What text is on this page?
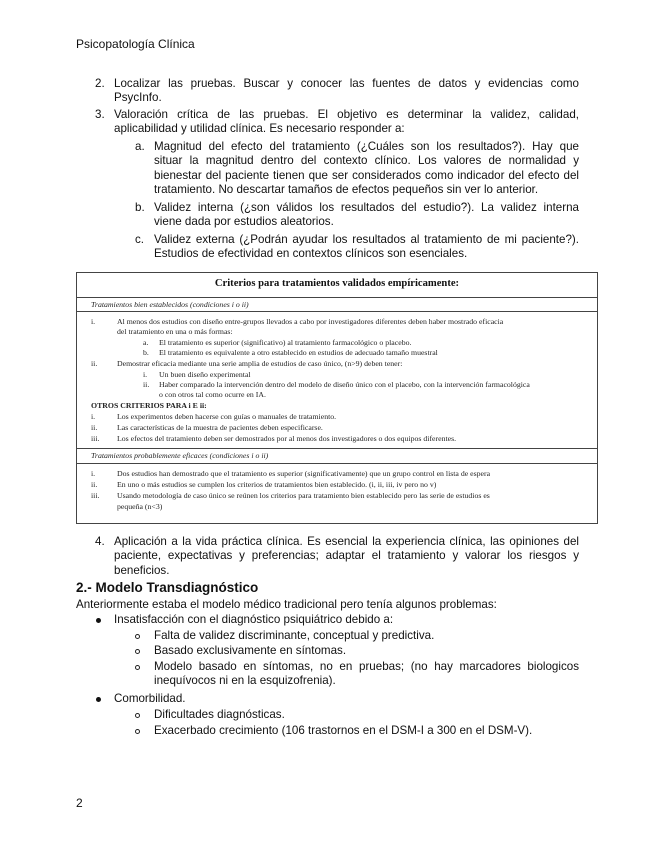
Psicopatología Clínica
2. Localizar las pruebas. Buscar y conocer las fuentes de datos y evidencias como
PsycInfo.
3. Valoración crítica de las pruebas. El objetivo es determinar la validez, calidad,
aplicabilidad y utilidad clínica. Es necesario responder a:
a. Magnitud del efecto del tratamiento (¿Cuáles son los resultados?). Hay que
situar la magnitud dentro del contexto clínico. Los valores de normalidad y
bienestar del paciente tienen que ser considerados como indicador del efecto del
tratamiento. No descartar tamaños de efectos pequeños sin ver lo anterior.
b. Validez interna (¿son válidos los resultados del estudio?). La validez interna
viene dada por estudios aleatorios.
c. Validez externa (¿Podrán ayudar los resultados al tratamiento de mi paciente?).
Estudios de efectividad en contextos clínicos son esenciales.
Criterios para tratamientos validados empíricamente:
Tratamientos bien establecidos (condiciones i o ii)
i.	Al menos dos estudios con diseño entre-grupos llevados a cabo por investigadores diferentes deben haber mostrado eficacia
del tratamiento en una o más formas:
a. El tratamiento es superior (significativo) al tratamiento farmacológico o placebo.
b. El tratamiento es equivalente a otro establecido en estudios de adecuado tamaño muestral
ii.	Demostrar eficacia mediante una serie amplia de estudios de caso único, (n>9) deben tener:
i. Un buen diseño experimental
ii. Haber comparado la intervención dentro del modelo de diseño único con el placebo, con la intervención farmacológica
o con otros tal como ocurre en IA.
OTROS CRITERIOS PARA i E ii:
i.	Los experimentos deben hacerse con guías o manuales de tratamiento.
ii.	Las características de la muestra de pacientes deben especificarse.
iii. Los efectos del tratamiento deben ser demostrados por al menos dos investigadores o dos equipos diferentes.
Tratamientos probablemente eficaces (condiciones i o ii)
i.	Dos estudios han demostrado que el tratamiento es superior (significativamente) que un grupo control en lista de espera
ii.	En uno o más estudios se cumplen los criterios de tratamientos bien establecido. (i, ii, iii, iv pero no v)
iii. Usando metodología de caso único se reúnen los criterios para tratamiento bien establecido pero las serie de estudios es
pequeña (n<3)
4. Aplicación a la vida práctica clínica. Es esencial la experiencia clínica, las opiniones del
paciente, expectativas y preferencias; adaptar el tratamiento y valorar los riesgos y
beneficios.
2.- Modelo Transdiagnóstico
Anteriormente estaba el modelo médico tradicional pero tenía algunos problemas:
Insatisfacción con el diagnóstico psiquiátrico debido a:
Falta de validez discriminante, conceptual y predictiva.
Basado exclusivamente en síntomas.
Modelo basado en síntomas, no en pruebas; (no hay marcadores biologicos
inequívocos ni en la esquizofrenia).
Comorbilidad.
Dificultades diagnósticas.
Exacerbado crecimiento (106 trastornos en el DSM-I a 300 en el DSM-V).
2
